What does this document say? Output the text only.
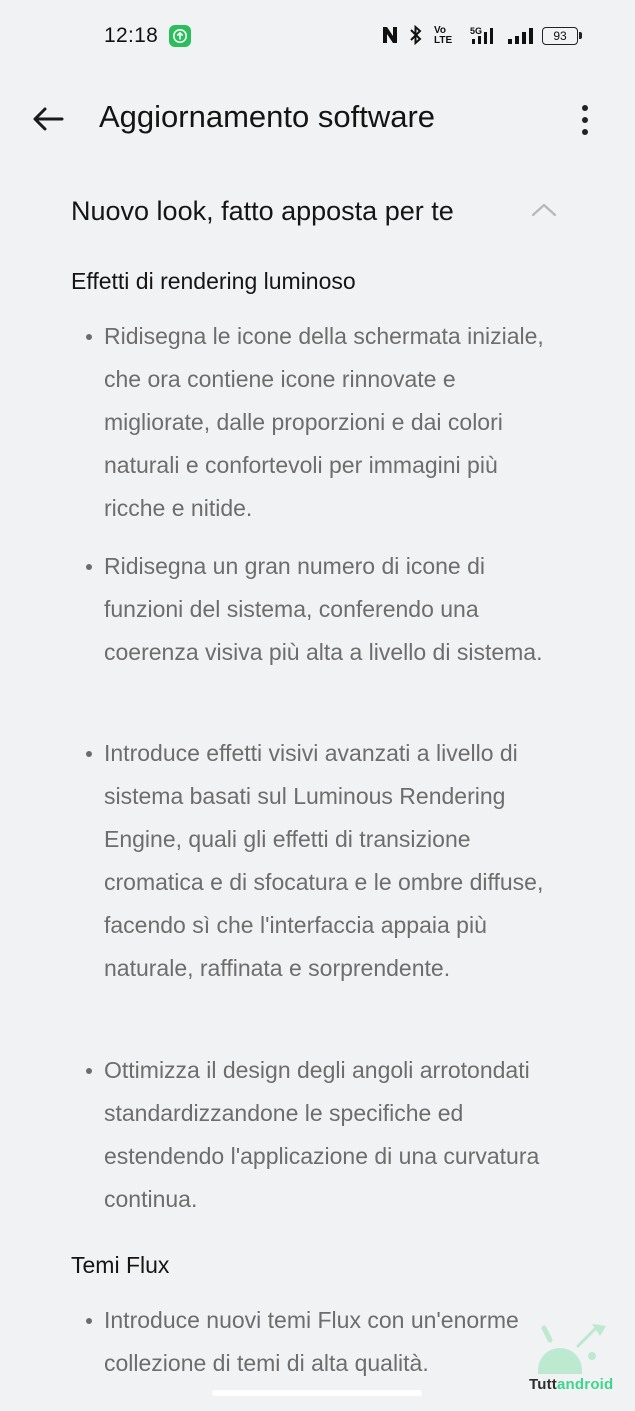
12:18	Vo
LTE
5G	93
Aggiornamento software
Nuovo look, fatto apposta per te
Effetti di rendering luminoso
Ridisegna le icone della schermata iniziale, che ora contiene icone rinnovate e migliorate, dalle proporzioni e dai colori naturali e confortevoli per immagini più ricche e nitide.
Ridisegna un gran numero di icone di funzioni del sistema, conferendo una coerenza visiva più alta a livello di sistema.
Introduce effetti visivi avanzati a livello di sistema basati sul Luminous Rendering Engine, quali gli effetti di transizione cromatica e di sfocatura e le ombre diffuse, facendo sì che l'interfaccia appaia più naturale, raffinata e sorprendente.
Ottimizza il design degli angoli arrotondati standardizzandone le specifiche ed estendendo l'applicazione di una curvatura continua.
Temi Flux
Introduce nuovi temi Flux con un'enorme collezione di temi di alta qualità.
Tuttandroid
